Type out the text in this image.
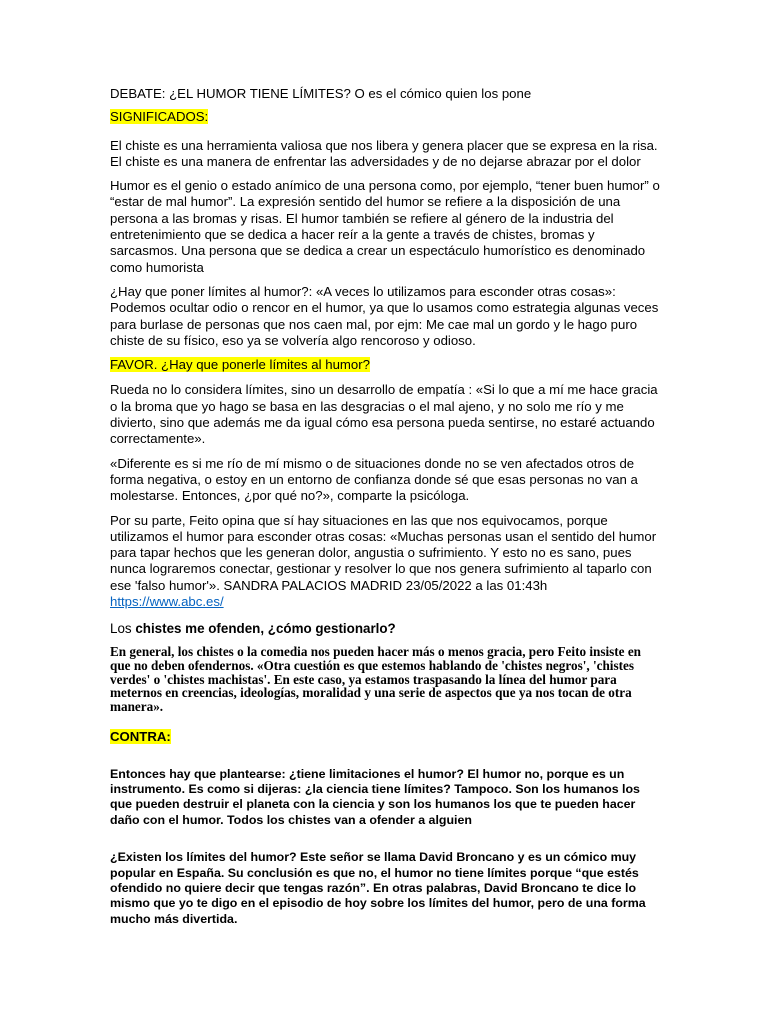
DEBATE: ¿EL HUMOR TIENE LÍMITES? O es el cómico quien los pone

SIGNIFICADOS:

El chiste es una herramienta valiosa que nos libera y genera placer que se expresa en la risa. El chiste es una manera de enfrentar las adversidades y de no dejarse abrazar por el dolor

Humor es el genio o estado anímico de una persona como, por ejemplo, “tener buen humor” o “estar de mal humor”. La expresión sentido del humor se refiere a la disposición de una persona a las bromas y risas. El humor también se refiere al género de la industria del entretenimiento que se dedica a hacer reír a la gente a través de chistes, bromas y sarcasmos. Una persona que se dedica a crear un espectáculo humorístico es denominado como humorista

¿Hay que poner límites al humor?: «A veces lo utilizamos para esconder otras cosas»: Podemos ocultar odio o rencor en el humor, ya que lo usamos como estrategia algunas veces para burlase de personas que nos caen mal, por ejm: Me cae mal un gordo y le hago puro chiste de su físico, eso ya se volvería algo rencoroso y odioso.

FAVOR. ¿Hay que ponerle límites al humor?

Rueda no lo considera límites, sino un desarrollo de empatía : «Si lo que a mí me hace gracia o la broma que yo hago se basa en las desgracias o el mal ajeno, y no solo me río y me divierto, sino que además me da igual cómo esa persona pueda sentirse, no estaré actuando correctamente».

«Diferente es si me río de mí mismo o de situaciones donde no se ven afectados otros de forma negativa, o estoy en un entorno de confianza donde sé que esas personas no van a molestarse. Entonces, ¿por qué no?», comparte la psicóloga.

Por su parte, Feito opina que sí hay situaciones en las que nos equivocamos, porque utilizamos el humor para esconder otras cosas: «Muchas personas usan el sentido del humor para tapar hechos que les generan dolor, angustia o sufrimiento. Y esto no es sano, pues nunca lograremos conectar, gestionar y resolver lo que nos genera sufrimiento al taparlo con ese 'falso humor'». SANDRA PALACIOS MADRID 23/05/2022 a las 01:43h

https://www.abc.es/

Los chistes me ofenden, ¿cómo gestionarlo?

En general, los chistes o la comedia nos pueden hacer más o menos gracia, pero Feito insiste en que no deben ofendernos. «Otra cuestión es que estemos hablando de 'chistes negros', 'chistes verdes' o 'chistes machistas'. En este caso, ya estamos traspasando la línea del humor para meternos en creencias, ideologías, moralidad y una serie de aspectos que ya nos tocan de otra manera».

CONTRA:

Entonces hay que plantearse: ¿tiene limitaciones el humor? El humor no, porque es un instrumento. Es como si dijeras: ¿la ciencia tiene límites? Tampoco. Son los humanos los que pueden destruir el planeta con la ciencia y son los humanos los que te pueden hacer daño con el humor. Todos los chistes van a ofender a alguien

¿Existen los límites del humor? Este señor se llama David Broncano y es un cómico muy popular en España. Su conclusión es que no, el humor no tiene límites porque “que estés ofendido no quiere decir que tengas razón”. En otras palabras, David Broncano te dice lo mismo que yo te digo en el episodio de hoy sobre los límites del humor, pero de una forma mucho más divertida.
